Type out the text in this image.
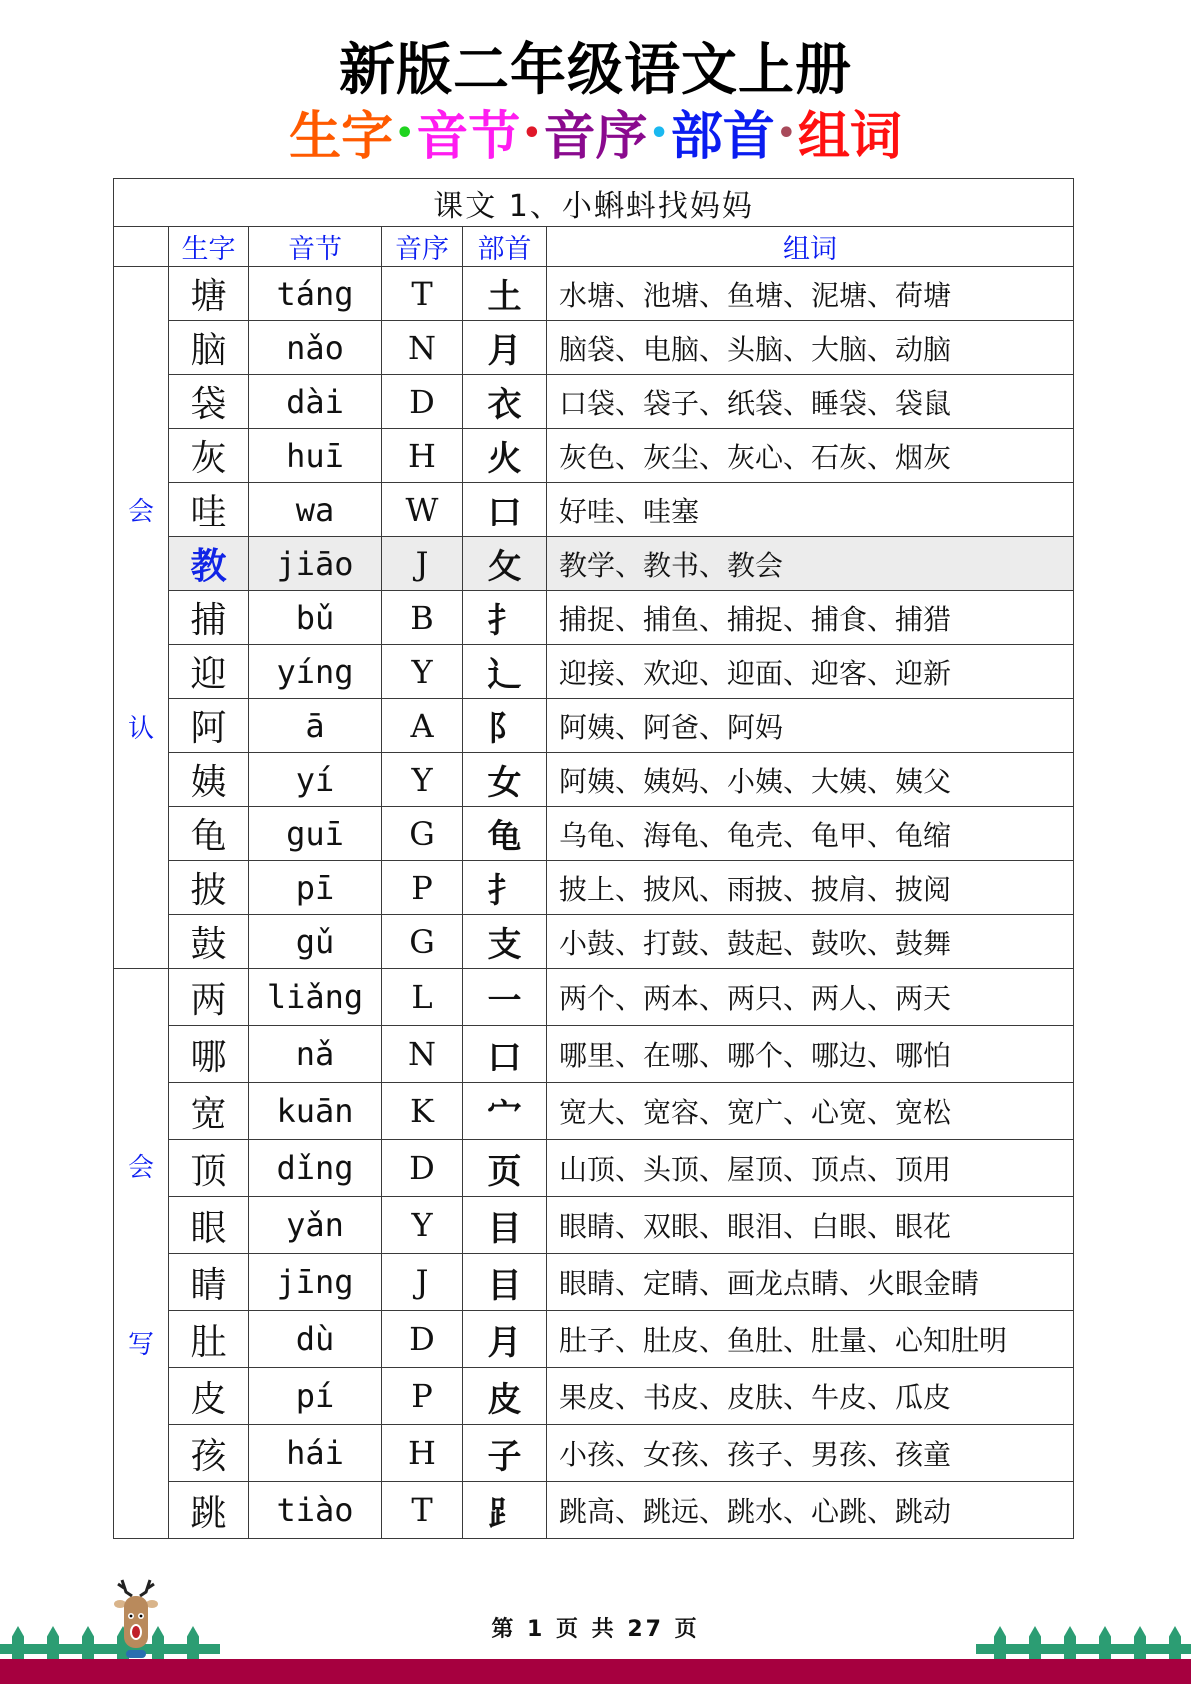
新版二年级语文上册
生字•音节•音序•部首•组词
课文 1、小蝌蚪找妈妈					
	生字	音节	音序	部首	组词

会
认	塘	táng	T	土	水塘、池塘、鱼塘、泥塘、荷塘
	脑	nǎo	N	月	脑袋、电脑、头脑、大脑、动脑
	袋	dài	D	衣	口袋、袋子、纸袋、睡袋、袋鼠
	灰	huī	H	火	灰色、灰尘、灰心、石灰、烟灰
	哇	wa	W	口	好哇、哇塞
	教	jiāo	J	攵	教学、教书、教会
	捕	bǔ	B	扌	捕捉、捕鱼、捕捉、捕食、捕猎
	迎	yíng	Y	辶	迎接、欢迎、迎面、迎客、迎新
	阿	ā	A	阝	阿姨、阿爸、阿妈
	姨	yí	Y	女	阿姨、姨妈、小姨、大姨、姨父
	龟	guī	G	龟	乌龟、海龟、龟壳、龟甲、龟缩
	披	pī	P	扌	披上、披风、雨披、披肩、披阅
	鼓	gǔ	G	支	小鼓、打鼓、鼓起、鼓吹、鼓舞

会
写	两	liǎng	L	一	两个、两本、两只、两人、两天
	哪	nǎ	N	口	哪里、在哪、哪个、哪边、哪怕
	宽	kuān	K	宀	宽大、宽容、宽广、心宽、宽松
	顶	dǐng	D	页	山顶、头顶、屋顶、顶点、顶用
	眼	yǎn	Y	目	眼睛、双眼、眼泪、白眼、眼花
	睛	jīng	J	目	眼睛、定睛、画龙点睛、火眼金睛
	肚	dù	D	月	肚子、肚皮、鱼肚、肚量、心知肚明
	皮	pí	P	皮	果皮、书皮、皮肤、牛皮、瓜皮
	孩	hái	H	子	小孩、女孩、孩子、男孩、孩童
	跳	tiào	T	⻊	跳高、跳远、跳水、心跳、跳动
第 1 页 共 27 页
